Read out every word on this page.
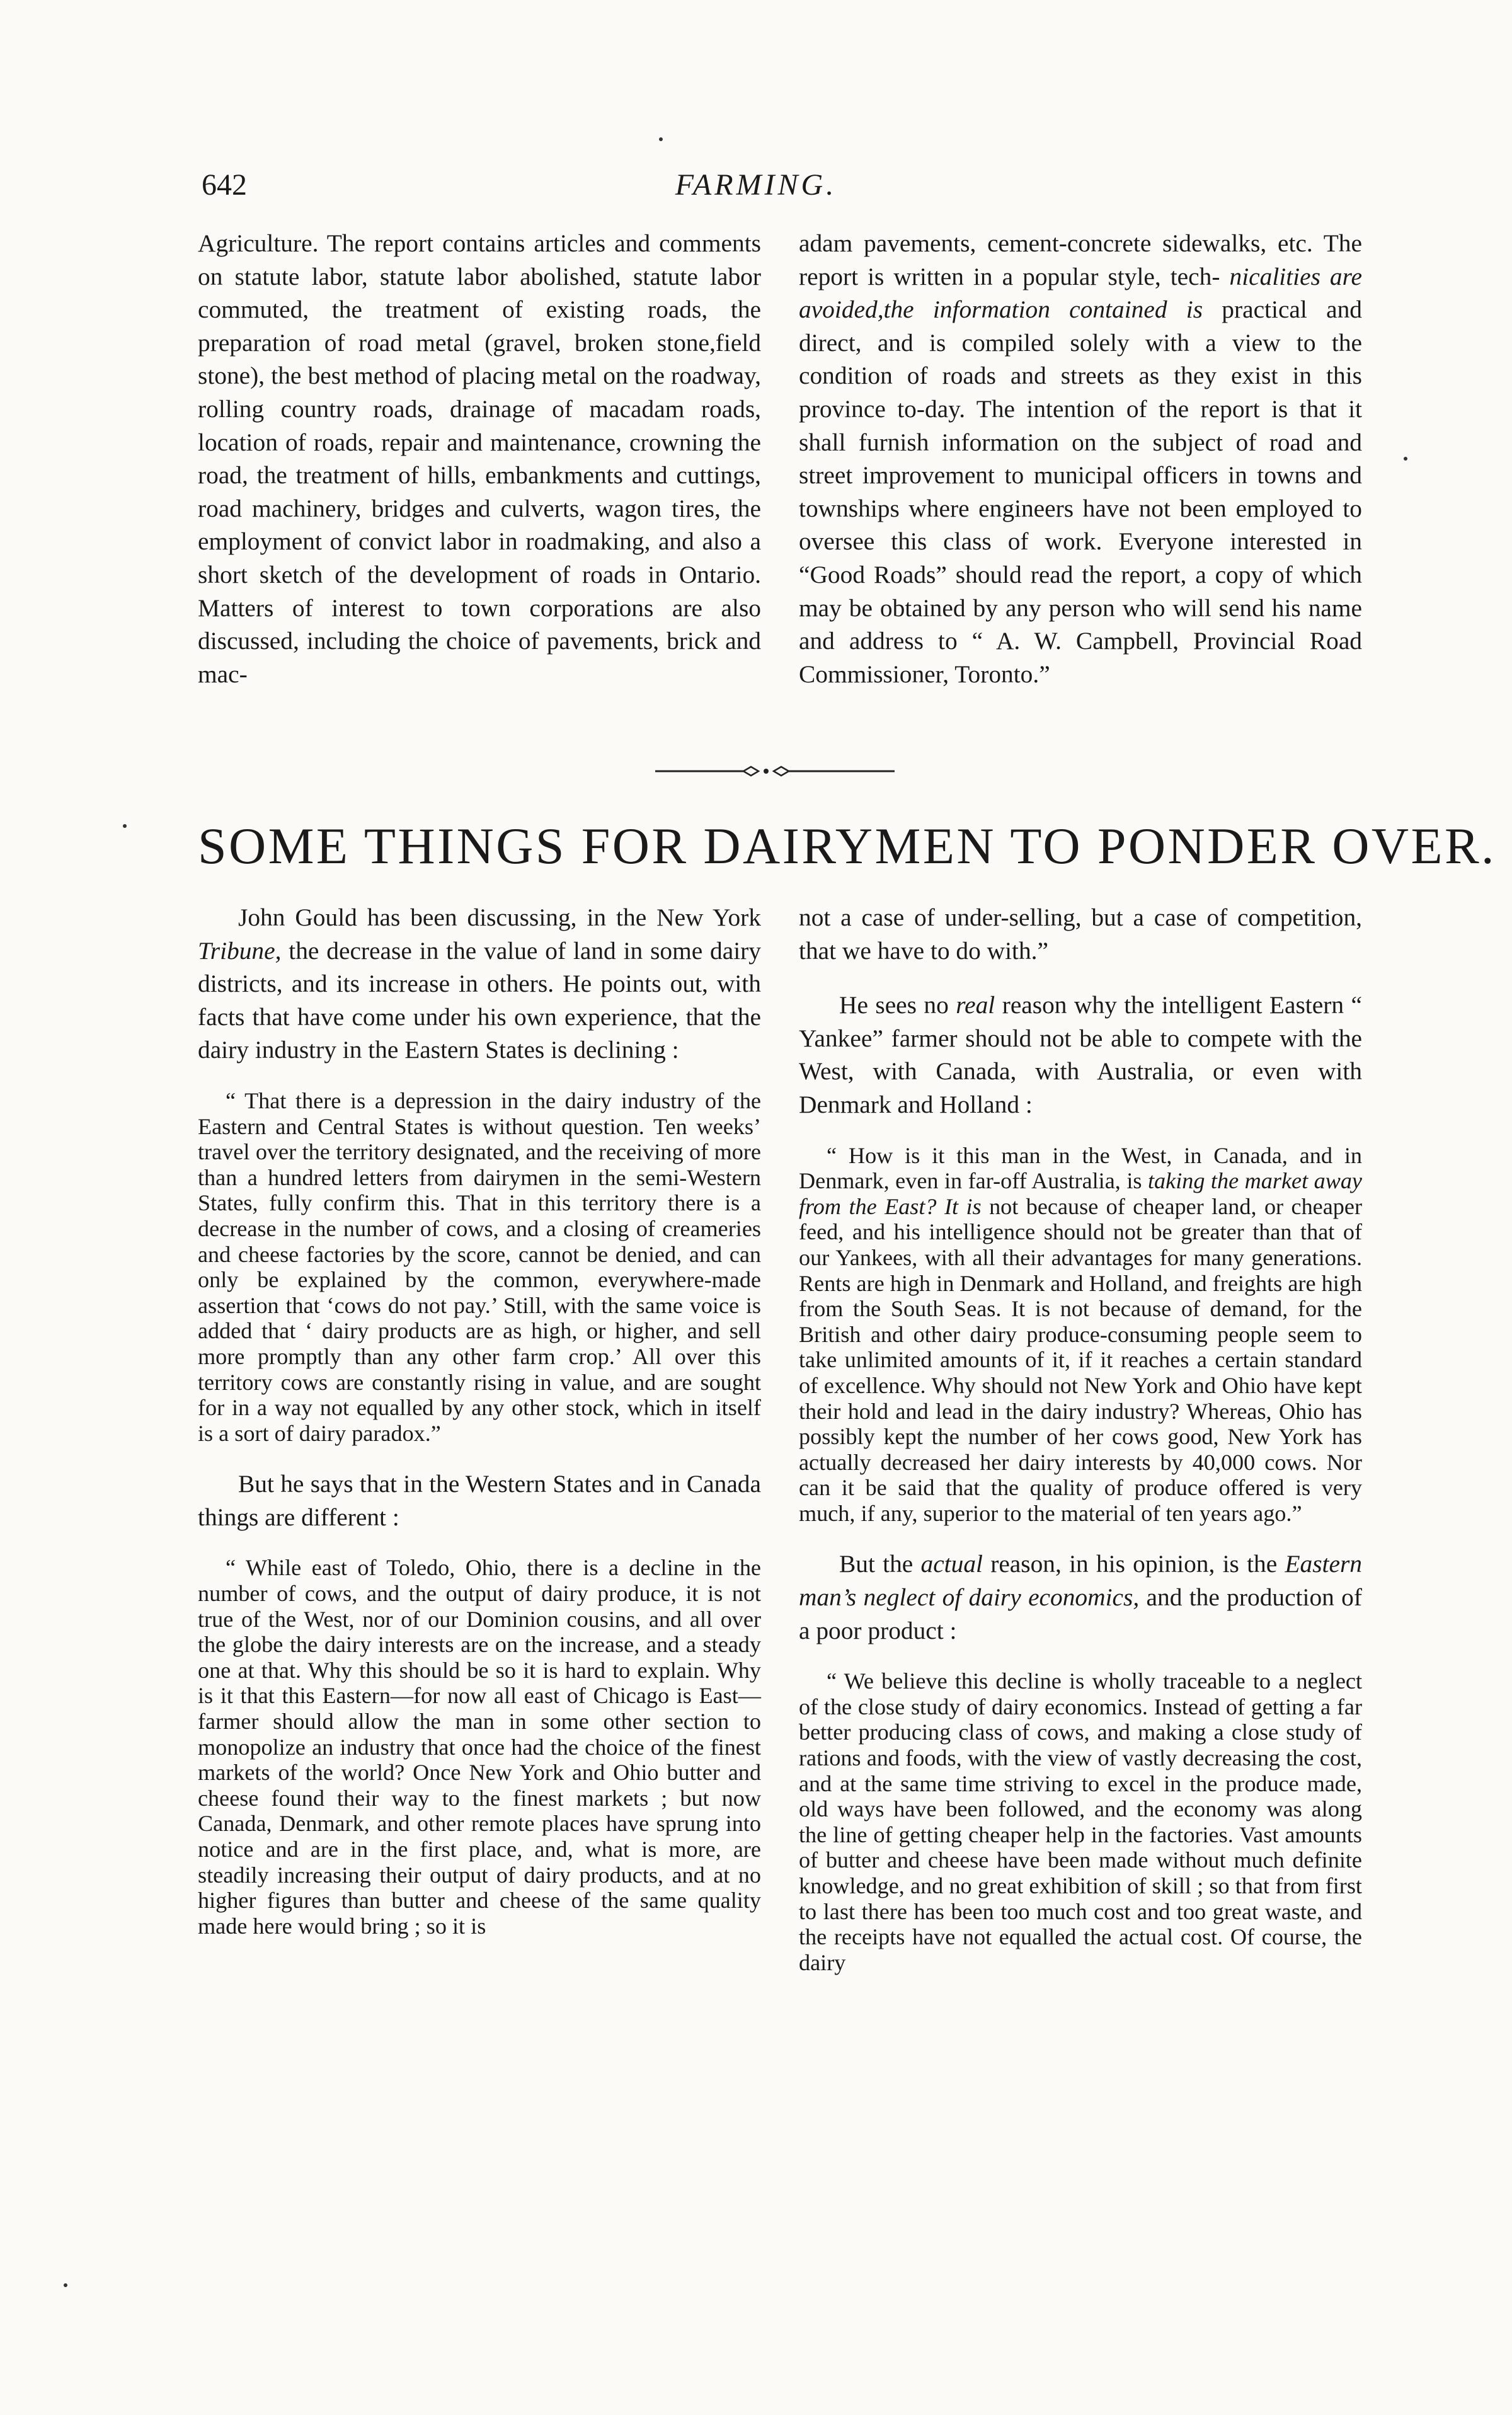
642	FARMING.

Agriculture. The report contains articles and comments on statute labor, statute labor abolished, statute labor commuted, the treatment of existing roads, the preparation of road metal (gravel, broken stone,field stone), the best method of placing metal on the roadway, rolling country roads, drainage of macadam roads, location of roads, repair and maintenance, crowning the road, the treatment of hills, embankments and cuttings, road machinery, bridges and culverts, wagon tires, the employment of convict labor in roadmaking, and also a short sketch of the development of roads in Ontario. Matters of interest to town corporations are also discussed, including the choice of pavements, brick and mac-

adam pavements, cement-concrete sidewalks, etc. The report is written in a popular style, tech- nicalities are avoided,the information contained is practical and direct, and is compiled solely with a view to the condition of roads and streets as they exist in this province to-day. The intention of the report is that it shall furnish information on the subject of road and street improvement to municipal officers in towns and townships where engineers have not been employed to oversee this class of work. Everyone interested in “Good Roads” should read the report, a copy of which may be obtained by any person who will send his name and address to “ A. W. Campbell, Provincial Road Commissioner, Toronto.”

SOME THINGS FOR DAIRYMEN TO PONDER OVER.

John Gould has been discussing, in the New York Tribune, the decrease in the value of land in some dairy districts, and its increase in others. He points out, with facts that have come under his own experience, that the dairy industry in the Eastern States is declining :

“ That there is a depression in the dairy industry of the Eastern and Central States is without question. Ten weeks’ travel over the territory designated, and the receiving of more than a hundred letters from dairymen in the semi-Western States, fully confirm this. That in this territory there is a decrease in the number of cows, and a closing of creameries and cheese factories by the score, cannot be denied, and can only be explained by the common, everywhere-made assertion that ‘cows do not pay.’ Still, with the same voice is added that ‘ dairy products are as high, or higher, and sell more promptly than any other farm crop.’ All over this territory cows are constantly rising in value, and are sought for in a way not equalled by any other stock, which in itself is a sort of dairy paradox.”

But he says that in the Western States and in Canada things are different :

“ While east of Toledo, Ohio, there is a decline in the number of cows, and the output of dairy produce, it is not true of the West, nor of our Dominion cousins, and all over the globe the dairy interests are on the increase, and a steady one at that. Why this should be so it is hard to explain. Why is it that this Eastern—for now all east of Chicago is East—farmer should allow the man in some other section to monopolize an industry that once had the choice of the finest markets of the world? Once New York and Ohio butter and cheese found their way to the finest markets ; but now Canada, Denmark, and other remote places have sprung into notice and are in the first place, and, what is more, are steadily increasing their output of dairy products, and at no higher figures than butter and cheese of the same quality made here would bring ; so it is

not a case of under-selling, but a case of competition, that we have to do with.”

He sees no real reason why the intelligent Eastern “ Yankee” farmer should not be able to compete with the West, with Canada, with Australia, or even with Denmark and Holland :

“ How is it this man in the West, in Canada, and in Denmark, even in far-off Australia, is taking the market away from the East? It is not because of cheaper land, or cheaper feed, and his intelligence should not be greater than that of our Yankees, with all their advantages for many generations. Rents are high in Denmark and Holland, and freights are high from the South Seas. It is not because of demand, for the British and other dairy produce-consuming people seem to take unlimited amounts of it, if it reaches a certain standard of excellence. Why should not New York and Ohio have kept their hold and lead in the dairy industry? Whereas, Ohio has possibly kept the number of her cows good, New York has actually decreased her dairy interests by 40,000 cows. Nor can it be said that the quality of produce offered is very much, if any, superior to the material of ten years ago.”

But the actual reason, in his opinion, is the Eastern man’s neglect of dairy economics, and the production of a poor product :

“ We believe this decline is wholly traceable to a neglect of the close study of dairy economics. Instead of getting a far better producing class of cows, and making a close study of rations and foods, with the view of vastly decreasing the cost, and at the same time striving to excel in the produce made, old ways have been followed, and the economy was along the line of getting cheaper help in the factories. Vast amounts of butter and cheese have been made without much definite knowledge, and no great exhibition of skill ; so that from first to last there has been too much cost and too great waste, and the receipts have not equalled the actual cost. Of course, the dairy
